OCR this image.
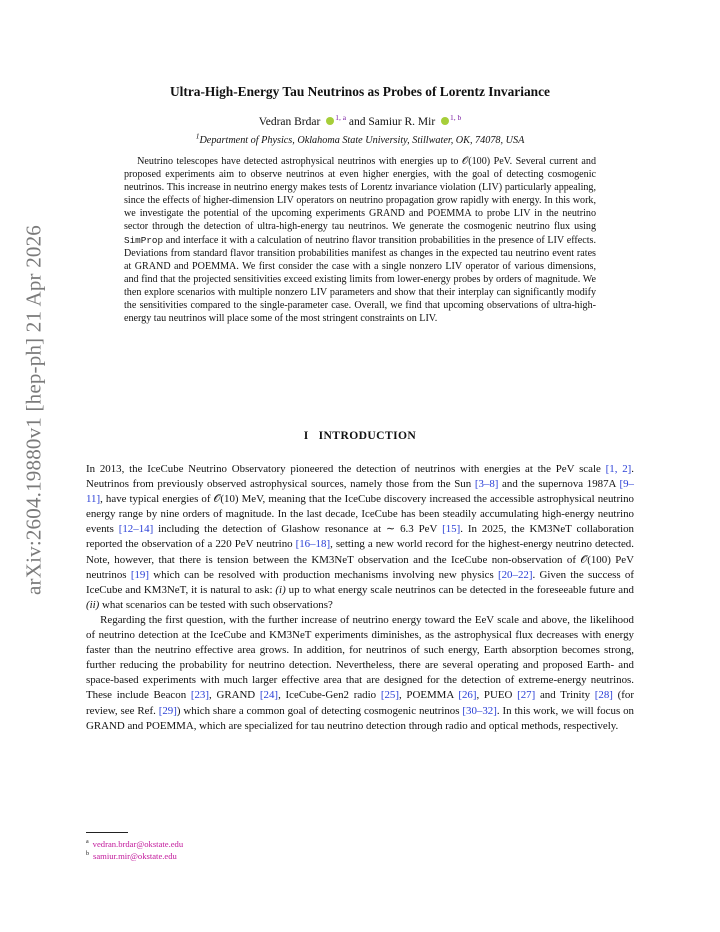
arXiv:2604.19880v1 [hep-ph] 21 Apr 2026
Ultra-High-Energy Tau Neutrinos as Probes of Lorentz Invariance
Vedran Brdar $^{1, a}$ and Samiur R. Mir $^{1, b}$
$^1$Department of Physics, Oklahoma State University, Stillwater, OK, 74078, USA

Neutrino telescopes have detected astrophysical neutrinos with energies up to 𝒪(100) PeV. Several current and proposed experiments aim to observe neutrinos at even higher energies, with the goal of detecting cosmogenic neutrinos. This increase in neutrino energy makes tests of Lorentz invariance violation (LIV) particularly appealing, since the effects of higher-dimension LIV operators on neutrino propagation grow rapidly with energy. In this work, we investigate the potential of the upcoming experiments GRAND and POEMMA to probe LIV in the neutrino sector through the detection of ultra-high-energy tau neutrinos. We generate the cosmogenic neutrino flux using SimProp and interface it with a calculation of neutrino flavor transition probabilities in the presence of LIV effects. Deviations from standard flavor transition probabilities manifest as changes in the expected tau neutrino event rates at GRAND and POEMMA. We first consider the case with a single nonzero LIV operator of various dimensions, and find that the projected sensitivities exceed existing limits from lower-energy probes by orders of magnitude. We then explore scenarios with multiple nonzero LIV parameters and show that their interplay can significantly modify the sensitivities compared to the single-parameter case. Overall, we find that upcoming observations of ultra-high-energy tau neutrinos will place some of the most stringent constraints on LIV.

I INTRODUCTION

In 2013, the IceCube Neutrino Observatory pioneered the detection of neutrinos with energies at the PeV scale [1, 2]. Neutrinos from previously observed astrophysical sources, namely those from the Sun [3–8] and the supernova 1987A [9–11], have typical energies of 𝒪(10) MeV, meaning that the IceCube discovery increased the accessible astrophysical neutrino energy range by nine orders of magnitude. In the last decade, IceCube has been steadily accumulating high-energy neutrino events [12–14] including the detection of Glashow resonance at ∼ 6.3 PeV [15]. In 2025, the KM3NeT collaboration reported the observation of a 220 PeV neutrino [16–18], setting a new world record for the highest-energy neutrino detected. Note, however, that there is tension between the KM3NeT observation and the IceCube non-observation of 𝒪(100) PeV neutrinos [19] which can be resolved with production mechanisms involving new physics [20–22]. Given the success of IceCube and KM3NeT, it is natural to ask: (i) up to what energy scale neutrinos can be detected in the foreseeable future and (ii) what scenarios can be tested with such observations?

Regarding the first question, with the further increase of neutrino energy toward the EeV scale and above, the likelihood of neutrino detection at the IceCube and KM3NeT experiments diminishes, as the astrophysical flux decreases with energy faster than the neutrino effective area grows. In addition, for neutrinos of such energy, Earth absorption becomes strong, further reducing the probability for neutrino detection. Nevertheless, there are several operating and proposed Earth- and space-based experiments with much larger effective area that are designed for the detection of extreme-energy neutrinos. These include Beacon [23], GRAND [24], IceCube-Gen2 radio [25], POEMMA [26], PUEO [27] and Trinity [28] (for review, see Ref. [29]) which share a common goal of detecting cosmogenic neutrinos [30–32]. In this work, we will focus on GRAND and POEMMA, which are specialized for tau neutrino detection through radio and optical methods, respectively.

$^a$ vedran.brdar@okstate.edu
$^b$ samiur.mir@okstate.edu
